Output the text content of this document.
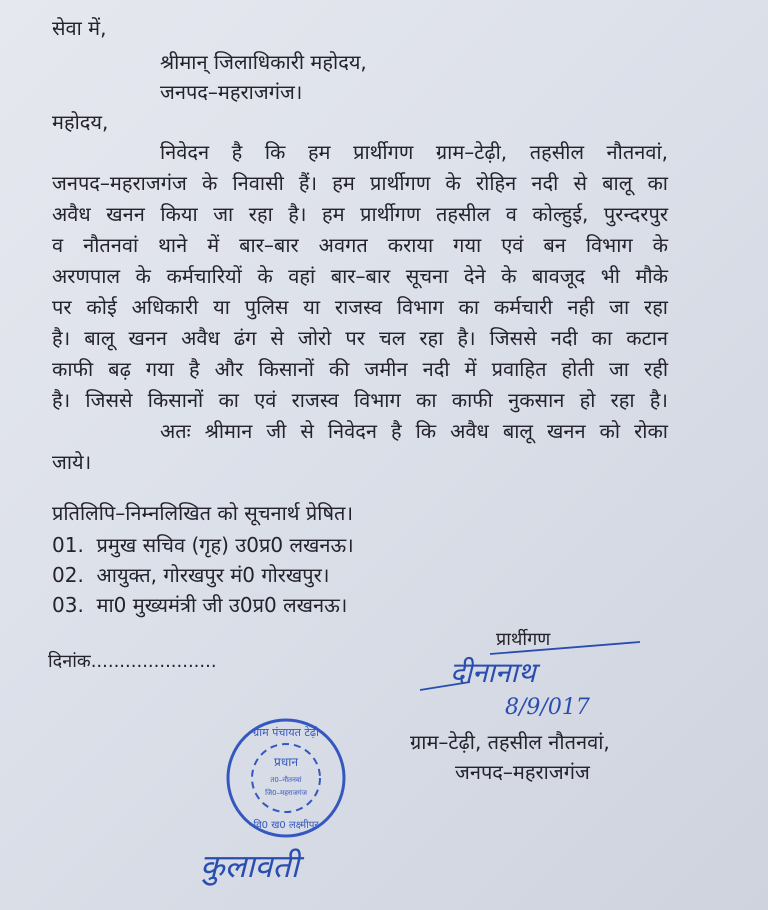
सेवा में,
श्रीमान् जिलाधिकारी महोदय,
जनपद–महराजगंज।
महोदय,
निवेदन है कि हम प्रार्थीगण ग्राम–टेढ़ी, तहसील नौतनवां,
जनपद–महराजगंज के निवासी हैं। हम प्रार्थीगण के रोहिन नदी से बालू का
अवैध खनन किया जा रहा है। हम प्रार्थीगण तहसील व कोल्हुई, पुरन्दरपुर
व नौतनवां थाने में बार–बार अवगत कराया गया एवं बन विभाग के
अरणपाल के कर्मचारियों के वहां बार–बार सूचना देने के बावजूद भी मौके
पर कोई अधिकारी या पुलिस या राजस्व विभाग का कर्मचारी नही जा रहा
है। बालू खनन अवैध ढंग से जोरो पर चल रहा है। जिससे नदी का कटान
काफी बढ़ गया है और किसानों की जमीन नदी में प्रवाहित होती जा रही
है। जिससे किसानों का एवं राजस्व विभाग का काफी नुकसान हो रहा है।
अतः श्रीमान जी से निवेदन है कि अवैध बालू खनन को रोका
जाये।
प्रतिलिपि–निम्नलिखित को सूचनार्थ प्रेषित।
01.  प्रमुख सचिव (गृह) उ0प्र0 लखनऊ।
02.  आयुक्त, गोरखपुर मं0 गोरखपुर।
03.  मा0 मुख्यमंत्री जी उ0प्र0 लखनऊ।
दिनांक......................
प्रार्थीगण
दीनानाथ
8/9/017
ग्राम–टेढ़ी, तहसील नौतनवां,
जनपद–महराजगंज
ग्राम पंचायत टेढ़ी
प्रधान
त0–नौतनवां
जि0–महराजगंज
वि0 ख0 लक्ष्मीपुर
कुलावती
